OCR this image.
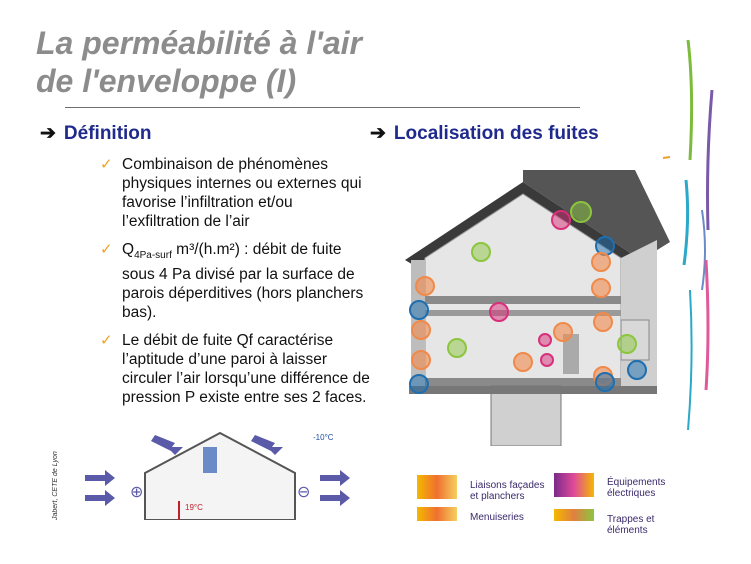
La perméabilité à l'air
de l'enveloppe (I)
➔ Définition	➔ Localisation des fuites
✓ Combinaison de phénomènes physiques internes ou externes qui favorise l’infiltration et/ou l’exfiltration de l’air
✓ $Q_{4Pa-surf}$ m³/(h.m²) : débit de fuite sous 4 Pa divisé par la surface de parois déperditives (hors planchers bas).
✓ Le débit de fuite Qf caractérise l’aptitude d’une paroi à laisser circuler l’air lorsqu’une différence de pression P existe entre ses 2 faces.
Jabert, CETE de Lyon	⊕	⊖
-10°C
19°C
Liaisons façades et planchers
Équipements électriques
Menuiseries	Trappes et éléments
